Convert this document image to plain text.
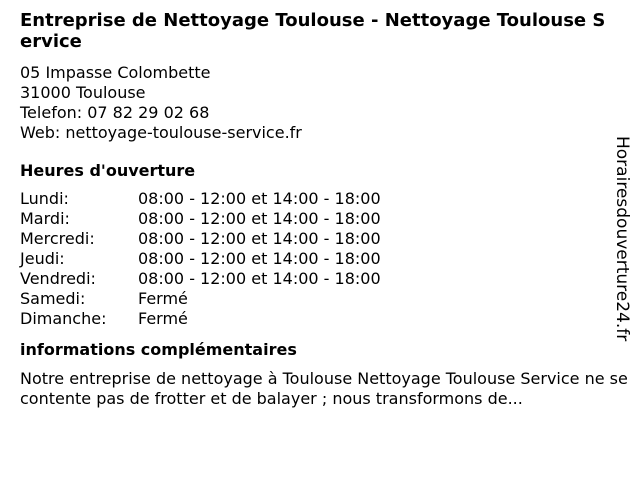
Entreprise de Nettoyage Toulouse - Nettoyage Toulouse Service
05 Impasse Colombette
31000 Toulouse
Telefon: 07 82 29 02 68
Web: nettoyage-toulouse-service.fr
Heures d'ouverture
Lundi:	08:00 - 12:00 et 14:00 - 18:00
Mardi:	08:00 - 12:00 et 14:00 - 18:00
Mercredi:	08:00 - 12:00 et 14:00 - 18:00
Jeudi:	08:00 - 12:00 et 14:00 - 18:00
Vendredi:	08:00 - 12:00 et 14:00 - 18:00
Samedi:	Fermé
Dimanche:	Fermé
informations complémentaires
Notre entreprise de nettoyage à Toulouse Nettoyage Toulouse Service ne se contente pas de frotter et de balayer ; nous transformons de...
Horairesdouverture24.fr
